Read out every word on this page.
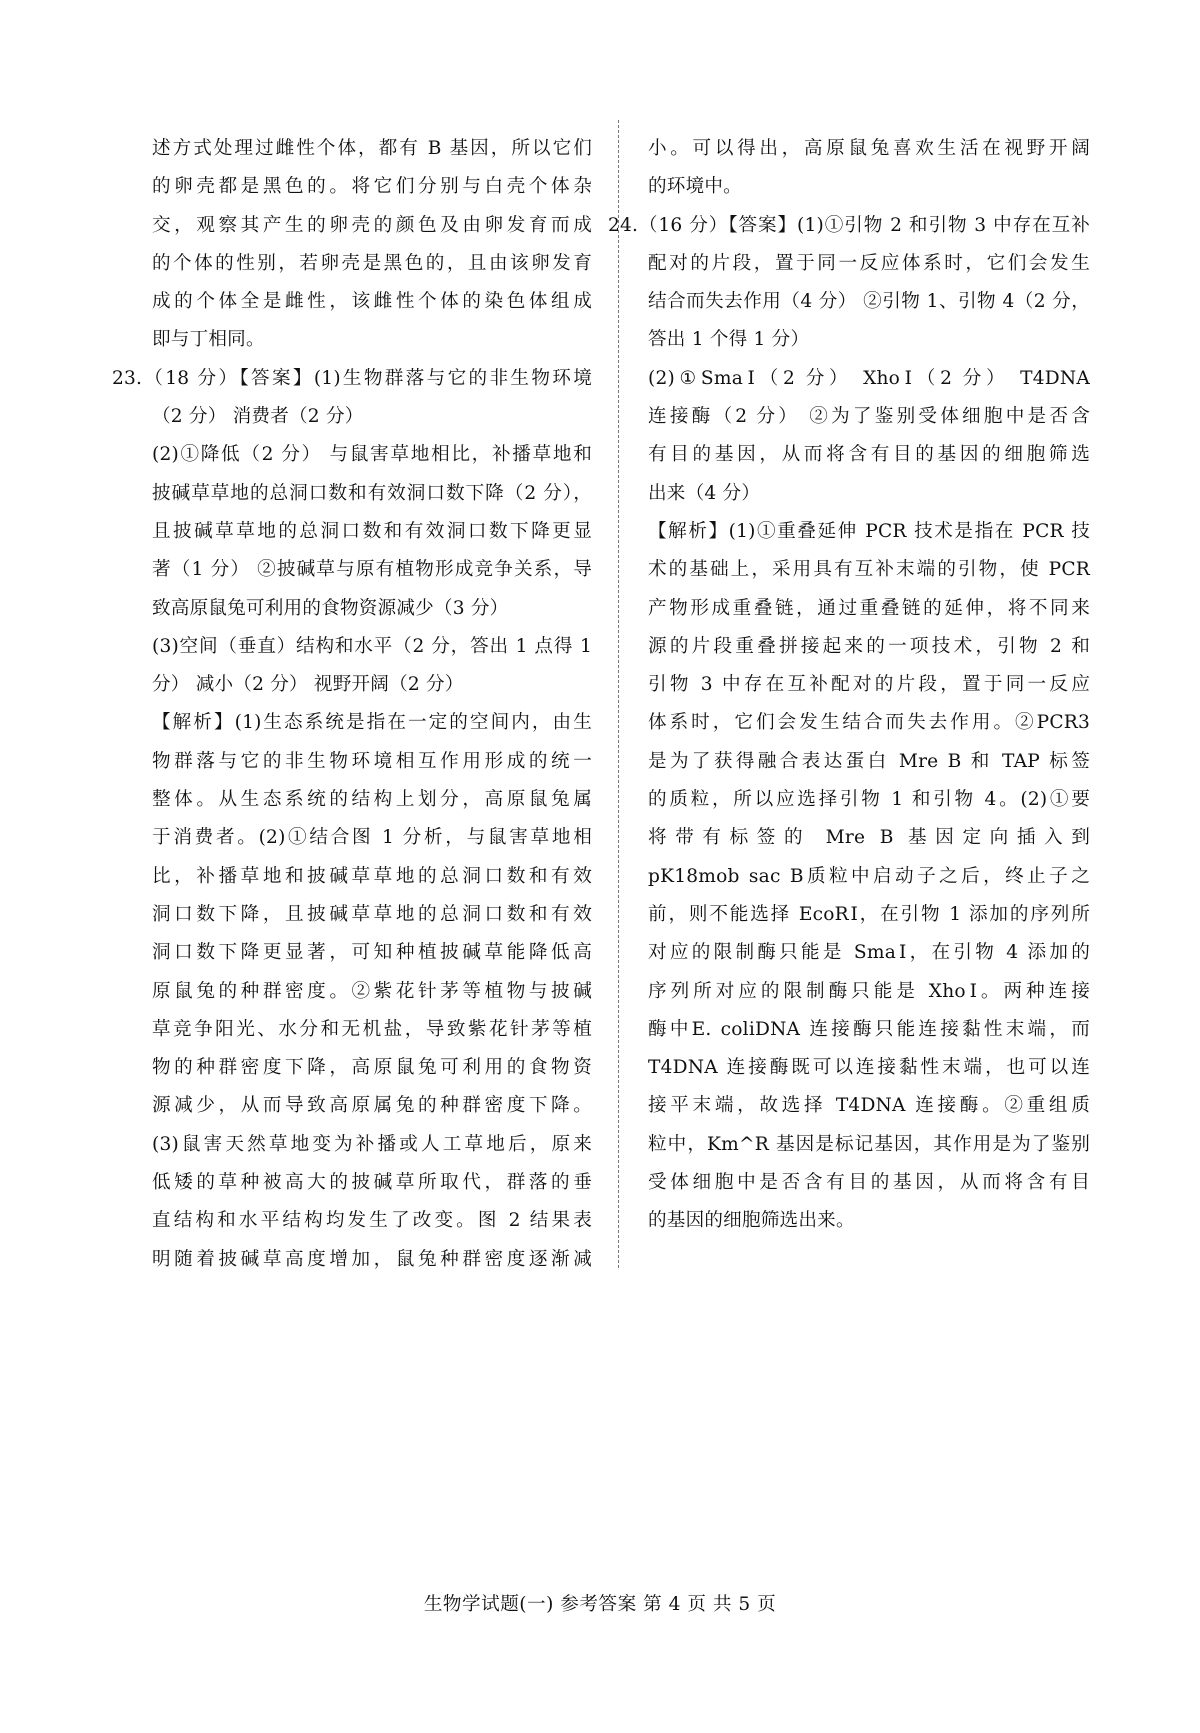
述方式处理过雌性个体，都有 B 基因，所以它们
的卵壳都是黑色的。将它们分别与白壳个体杂
交，观察其产生的卵壳的颜色及由卵发育而成
的个体的性别，若卵壳是黑色的，且由该卵发育
成的个体全是雌性，该雌性个体的染色体组成
即与丁相同。
23.（18 分）【答案】(1)生物群落与它的非生物环境
（2 分） 消费者（2 分）
(2)①降低（2 分） 与鼠害草地相比，补播草地和
披碱草草地的总洞口数和有效洞口数下降（2 分），
且披碱草草地的总洞口数和有效洞口数下降更显
著（1 分） ②披碱草与原有植物形成竞争关系，导
致高原鼠兔可利用的食物资源减少（3 分）
(3)空间（垂直）结构和水平（2 分，答出 1 点得 1
分） 减小（2 分） 视野开阔（2 分）
【解析】(1)生态系统是指在一定的空间内，由生
物群落与它的非生物环境相互作用形成的统一
整体。从生态系统的结构上划分，高原鼠兔属
于消费者。(2)①结合图 1 分析，与鼠害草地相
比，补播草地和披碱草草地的总洞口数和有效
洞口数下降，且披碱草草地的总洞口数和有效
洞口数下降更显著，可知种植披碱草能降低高
原鼠兔的种群密度。②紫花针茅等植物与披碱
草竞争阳光、水分和无机盐，导致紫花针茅等植
物的种群密度下降，高原鼠兔可利用的食物资
源减少，从而导致高原属兔的种群密度下降。
(3)鼠害天然草地变为补播或人工草地后，原来
低矮的草种被高大的披碱草所取代，群落的垂
直结构和水平结构均发生了改变。图 2 结果表
明随着披碱草高度增加，鼠兔种群密度逐渐减
小。可以得出，高原鼠兔喜欢生活在视野开阔
的环境中。
24.（16 分）【答案】(1)①引物 2 和引物 3 中存在互补
配对的片段，置于同一反应体系时，它们会发生
结合而失去作用（4 分） ②引物 1、引物 4（2 分，
答出 1 个得 1 分）
(2)①SmaⅠ（2 分） XhoⅠ（2 分） T4DNA
连接酶（2 分） ②为了鉴别受体细胞中是否含
有目的基因，从而将含有目的基因的细胞筛选
出来（4 分）
【解析】(1)①重叠延伸 PCR 技术是指在 PCR 技
术的基础上，采用具有互补末端的引物，使 PCR
产物形成重叠链，通过重叠链的延伸，将不同来
源的片段重叠拼接起来的一项技术，引物 2 和
引物 3 中存在互补配对的片段，置于同一反应
体系时，它们会发生结合而失去作用。②PCR3
是为了获得融合表达蛋白 Mre B 和 TAP 标签
的质粒，所以应选择引物 1 和引物 4。(2)①要
将带有标签的 Mre B 基因定向插入到
pK18mob sac B质粒中启动子之后，终止子之
前，则不能选择 EcoRⅠ，在引物 1 添加的序列所
对应的限制酶只能是 SmaⅠ，在引物 4 添加的
序列所对应的限制酶只能是 XhoⅠ。两种连接
酶中E. coliDNA 连接酶只能连接黏性末端，而
T4DNA 连接酶既可以连接黏性末端，也可以连
接平末端，故选择 T4DNA 连接酶。②重组质
粒中，Km^R 基因是标记基因，其作用是为了鉴别
受体细胞中是否含有目的基因，从而将含有目
的基因的细胞筛选出来。
生物学试题(一) 参考答案 第 4 页 共 5 页
